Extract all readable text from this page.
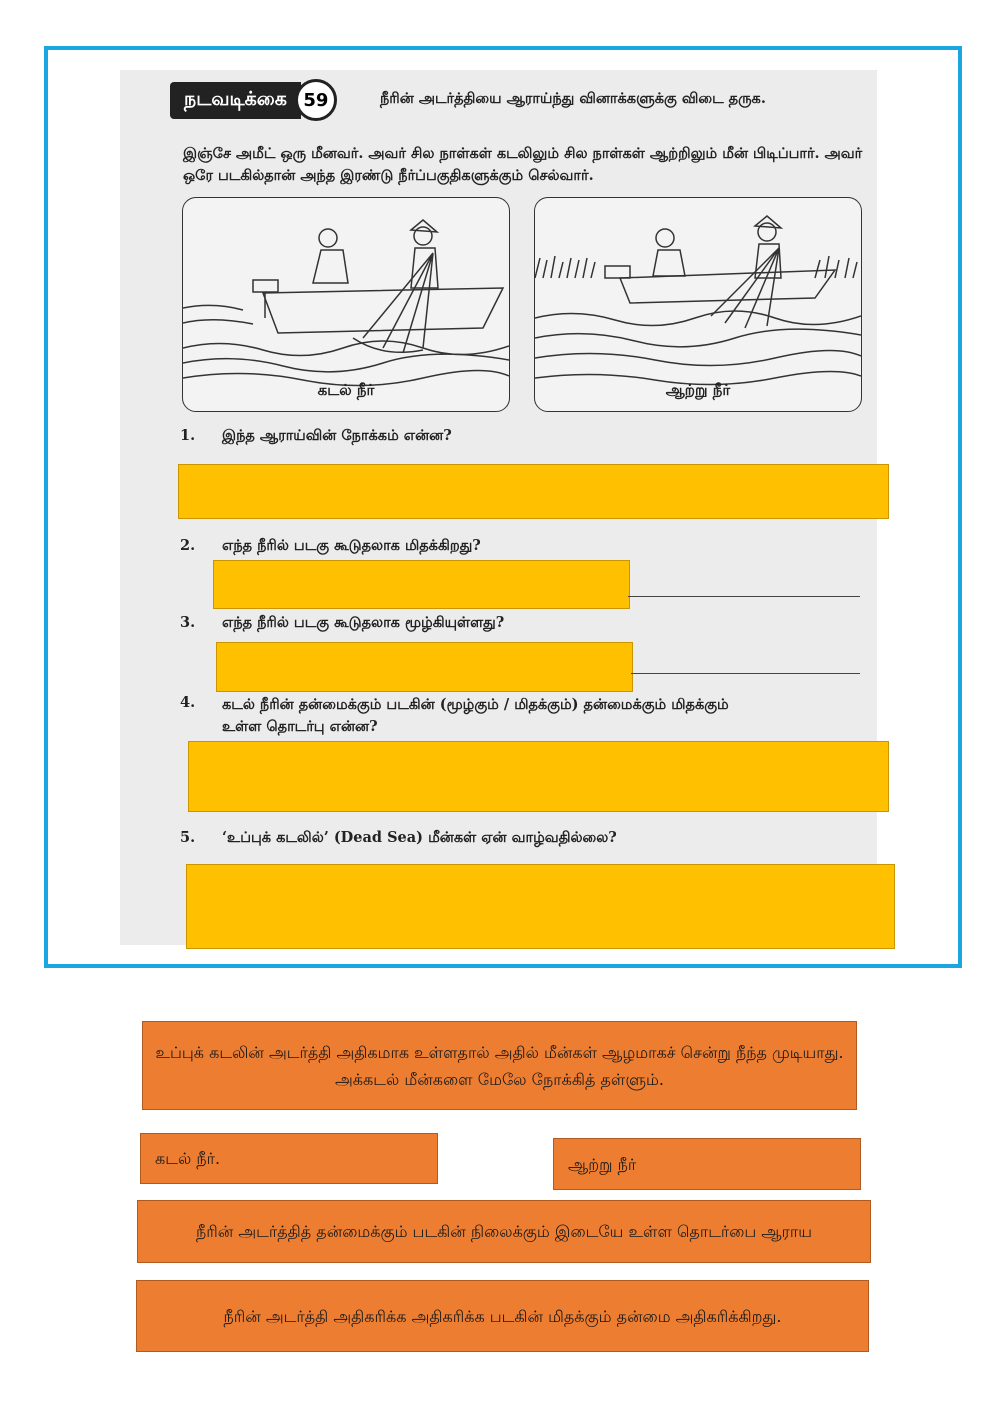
நடவடிக்கை 59	நீரின் அடர்த்தியை ஆராய்ந்து வினாக்களுக்கு விடை தருக.
இஞ்சே அமீட் ஒரு மீனவர். அவர் சில நாள்கள் கடலிலும் சில நாள்கள் ஆற்றிலும் மீன் பிடிப்பார். அவர் ஒரே படகில்தான் அந்த இரண்டு நீர்ப்பகுதிகளுக்கும் செல்வார்.
கடல் நீர்	ஆற்று நீர்
1.	இந்த ஆராய்வின் நோக்கம் என்ன?
2.	எந்த நீரில் படகு கூடுதலாக மிதக்கிறது?
3.	எந்த நீரில் படகு கூடுதலாக மூழ்கியுள்ளது?
4.	கடல் நீரின் தன்மைக்கும் படகின் (மூழ்கும் / மிதக்கும்) தன்மைக்கும் மிதக்கும்
உள்ள தொடர்பு என்ன?
5.	‘உப்புக் கடலில்’ (Dead Sea) மீன்கள் ஏன் வாழ்வதில்லை?
உப்புக் கடலின் அடர்த்தி அதிகமாக உள்ளதால் அதில் மீன்கள் ஆழமாகச் சென்று நீந்த முடியாது. அக்கடல் மீன்களை மேலே நோக்கித் தள்ளும்.
கடல் நீர்.	ஆற்று நீர்
நீரின் அடர்த்தித் தன்மைக்கும் படகின் நிலைக்கும் இடையே உள்ள தொடர்பை ஆராய
நீரின் அடர்த்தி அதிகரிக்க அதிகரிக்க படகின் மிதக்கும் தன்மை அதிகரிக்கிறது.
